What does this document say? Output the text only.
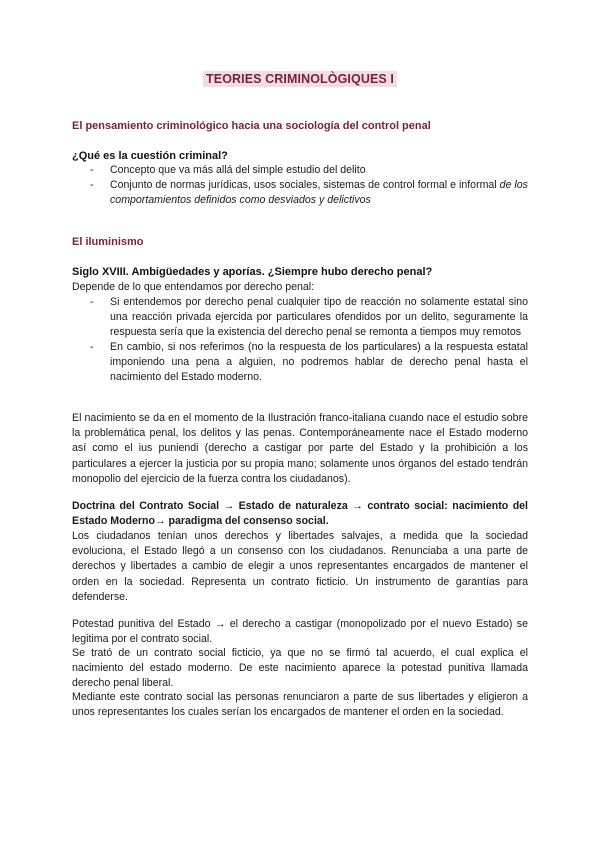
TEORIES CRIMINOLÒGIQUES I
El pensamiento criminológico hacia una sociología del control penal
¿Qué es la cuestión criminal?
- Concepto que va más allá del simple estudio del delito
- Conjunto de normas jurídicas, usos sociales, sistemas de control formal e informal de los comportamientos definidos como desviados y delictivos
El iluminismo
Siglo XVIII. Ambigüedades y aporías. ¿Siempre hubo derecho penal?
Depende de lo que entendamos por derecho penal:
- Si entendemos por derecho penal cualquier tipo de reacción no solamente estatal sino una reacción privada ejercida por particulares ofendidos por un delito, seguramente la respuesta sería que la existencia del derecho penal se remonta a tiempos muy remotos
- En cambio, si nos referimos (no la respuesta de los particulares) a la respuesta estatal imponiendo una pena a alguien, no podremos hablar de derecho penal hasta el nacimiento del Estado moderno.
El nacimiento se da en el momento de la Ilustración franco-italiana cuando nace el estudio sobre la problemática penal, los delitos y las penas. Contemporáneamente nace el Estado moderno así como el ius puniendi (derecho a castigar por parte del Estado y la prohibición a los particulares a ejercer la justicia por su propia mano; solamente unos órganos del estado tendrán monopolio del ejercicio de la fuerza contra los ciudadanos).
Doctrina del Contrato Social → Estado de naturaleza → contrato social: nacimiento del Estado Moderno→ paradigma del consenso social.
Los ciudadanos tenían unos derechos y libertades salvajes, a medida que la sociedad evoluciona, el Estado llegó a un consenso con los ciudadanos. Renunciaba a una parte de derechos y libertades a cambio de elegir a unos representantes encargados de mantener el orden en la sociedad. Representa un contrato ficticio. Un instrumento de garantías para defenderse.
Potestad punitiva del Estado → el derecho a castigar (monopolizado por el nuevo Estado) se legitima por el contrato social.
Se trató de un contrato social ficticio, ya que no se firmó tal acuerdo, el cual explica el nacimiento del estado moderno. De este nacimiento aparece la potestad punitiva llamada derecho penal liberal.
Mediante este contrato social las personas renunciaron a parte de sus libertades y eligieron a unos representantes los cuales serían los encargados de mantener el orden en la sociedad.
